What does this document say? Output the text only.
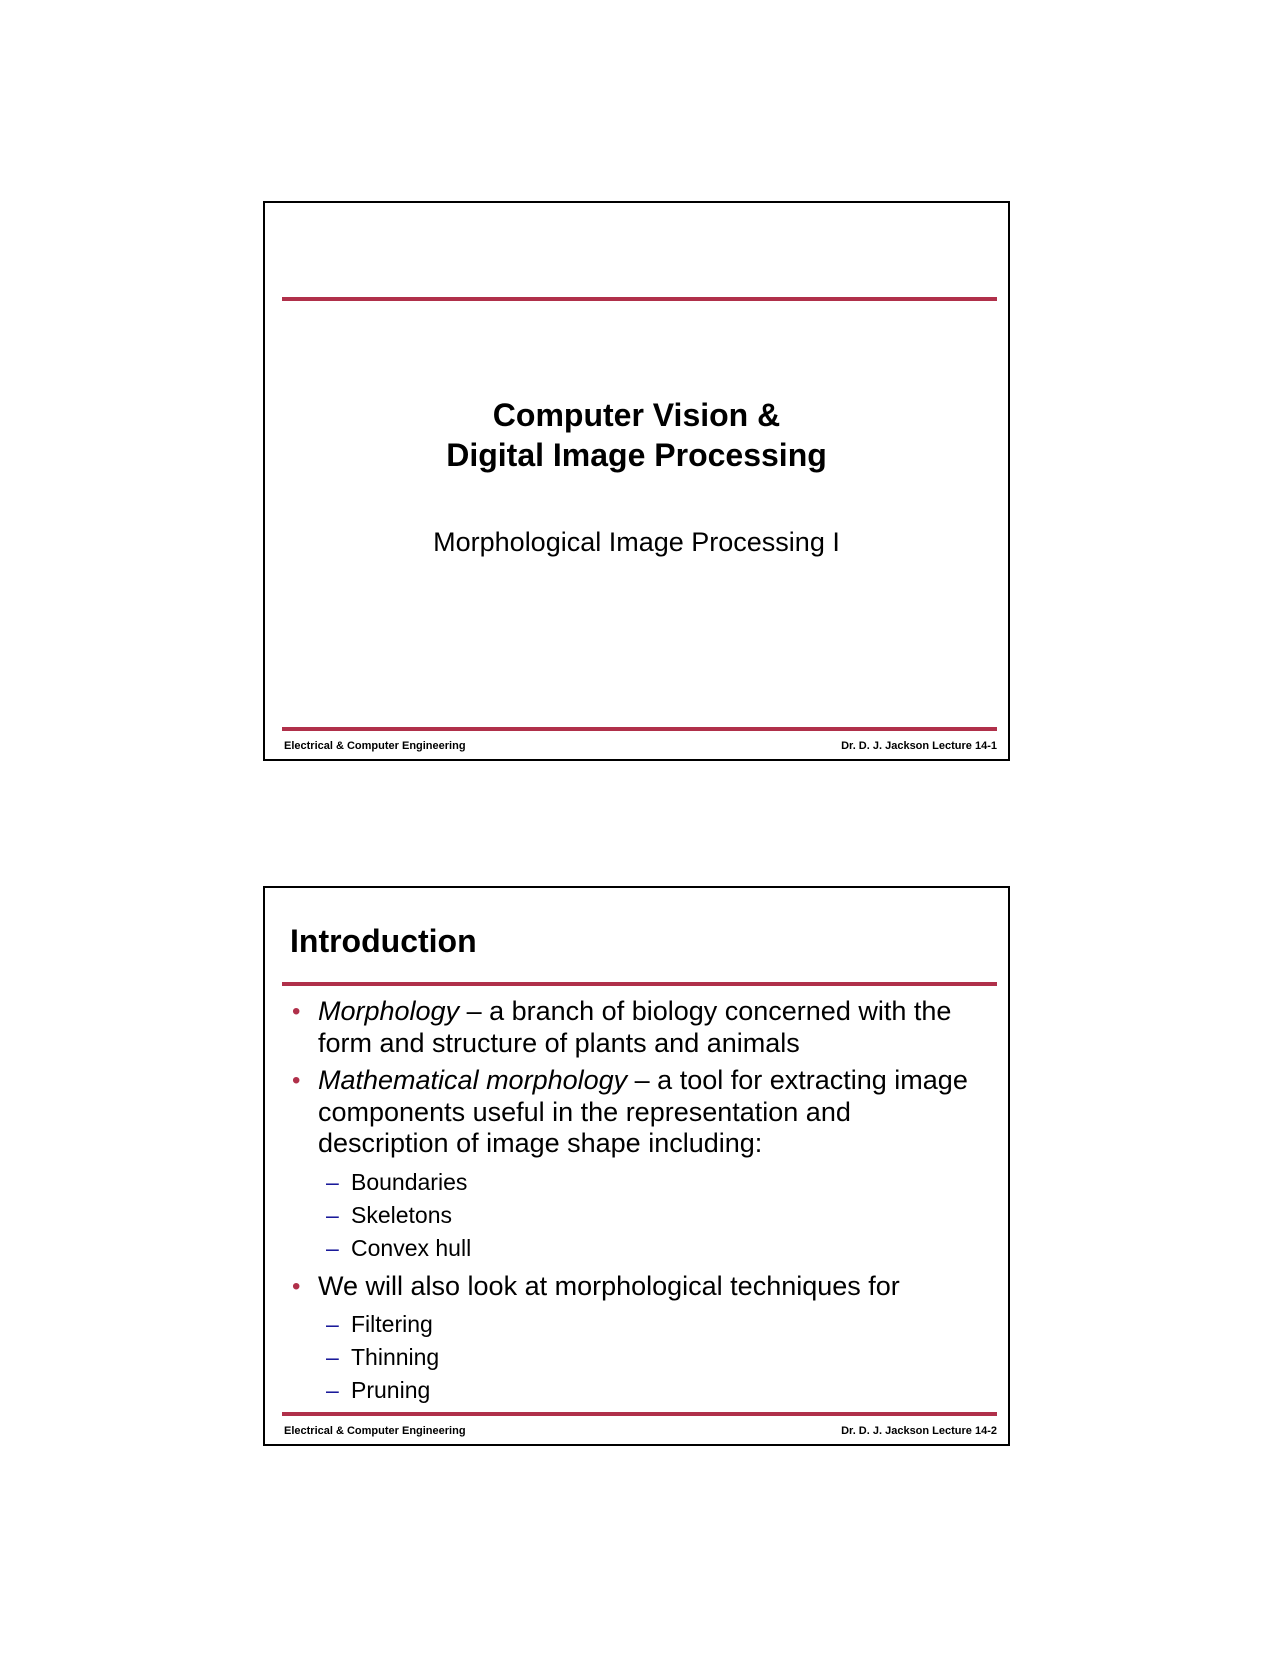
Computer Vision &
Digital Image Processing
Morphological Image Processing I
Electrical & Computer Engineering	Dr. D. J. Jackson Lecture 14-1
Introduction
• Morphology – a branch of biology concerned with the form and structure of plants and animals
• Mathematical morphology – a tool for extracting image components useful in the representation and description of image shape including:
– Boundaries
– Skeletons
– Convex hull
• We will also look at morphological techniques for
– Filtering
– Thinning
– Pruning
Electrical & Computer Engineering	Dr. D. J. Jackson Lecture 14-2
